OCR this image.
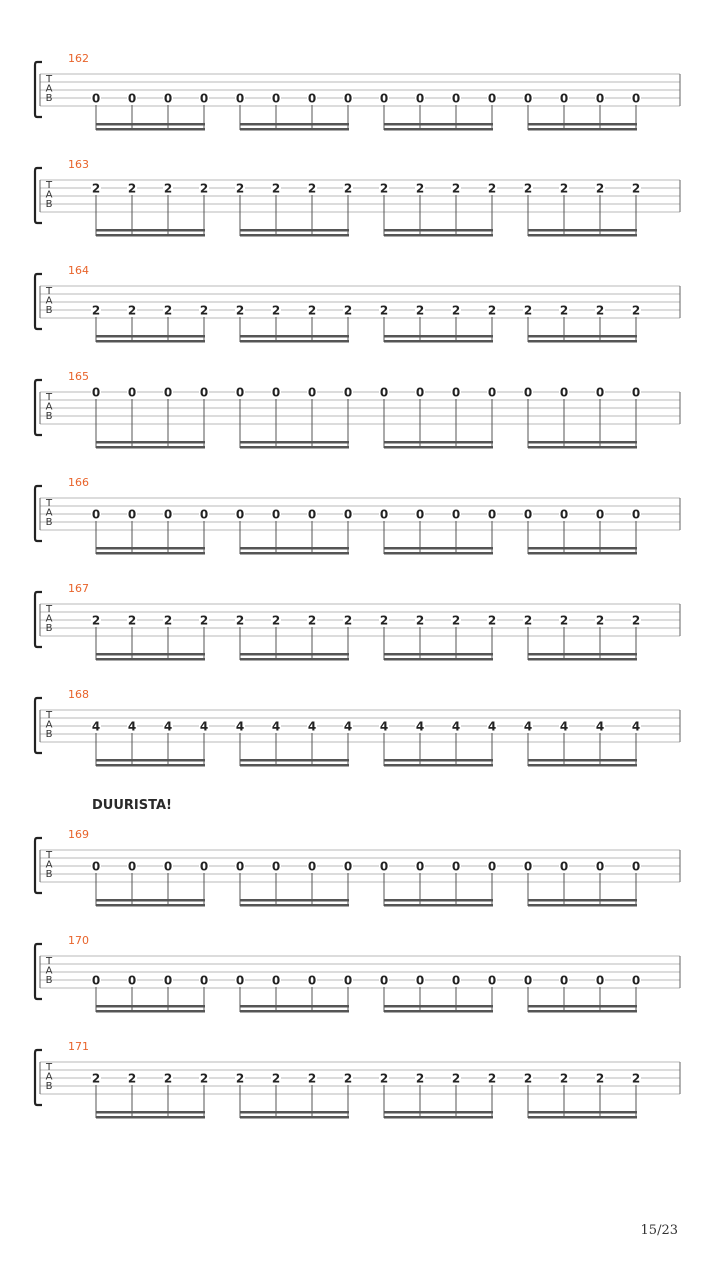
T
A
B
162
0 0 0 0 0 0 0 0 0 0 0 0 0 0 0 0
T
A
B
163
2 2 2 2 2 2 2 2 2 2 2 2 2 2 2 2
T
A
B
164
2 2 2 2 2 2 2 2 2 2 2 2 2 2 2 2
T
A
B
165
0 0 0 0 0 0 0 0 0 0 0 0 0 0 0 0
T
A
B
166
0 0 0 0 0 0 0 0 0 0 0 0 0 0 0 0
T
A
B
167
2 2 2 2 2 2 2 2 2 2 2 2 2 2 2 2
T
A
B
168
4 4 4 4 4 4 4 4 4 4 4 4 4 4 4 4
T
A
B
169
0 0 0 0 0 0 0 0 0 0 0 0 0 0 0 0
T
A
B
170
0 0 0 0 0 0 0 0 0 0 0 0 0 0 0 0
T
A
B
171
2 2 2 2 2 2 2 2 2 2 2 2 2 2 2 2
DUURISTA!
15/23
